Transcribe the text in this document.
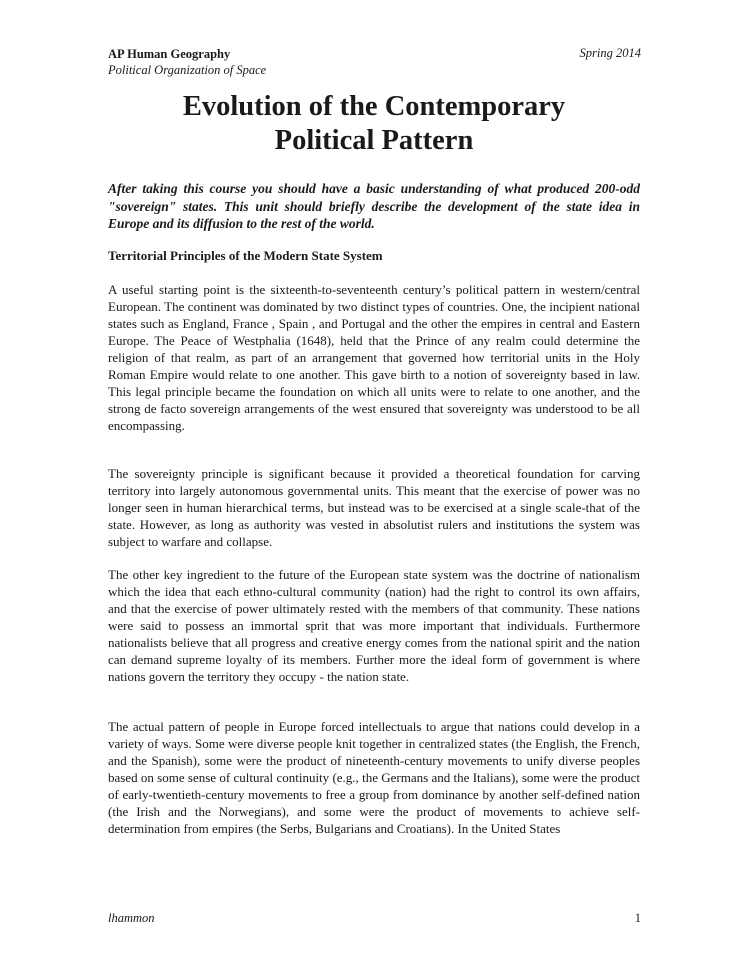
AP Human Geography
Political Organization of Space
Spring 2014
Evolution of the Contemporary
Political Pattern

After taking this course you should have a basic understanding of what produced 200-odd "sovereign" states. This unit should briefly describe the development of the state idea in Europe and its diffusion to the rest of the world.

Territorial Principles of the Modern State System

A useful starting point is the sixteenth-to-seventeenth century’s political pattern in western/central European. The continent was dominated by two distinct types of countries. One, the incipient national states such as England, France , Spain , and Portugal and the other the empires in central and Eastern Europe. The Peace of Westphalia (1648), held that the Prince of any realm could determine the religion of that realm, as part of an arrangement that governed how territorial units in the Holy Roman Empire would relate to one another. This gave birth to a notion of sovereignty based in law. This legal principle became the foundation on which all units were to relate to one another, and the strong de facto sovereign arrangements of the west ensured that sovereignty was understood to be all encompassing.

The sovereignty principle is significant because it provided a theoretical foundation for carving territory into largely autonomous governmental units. This meant that the exercise of power was no longer seen in human hierarchical terms, but instead was to be exercised at a single scale-that of the state. However, as long as authority was vested in absolutist rulers and institutions the system was subject to warfare and collapse.

The other key ingredient to the future of the European state system was the doctrine of nationalism which the idea that each ethno-cultural community (nation) had the right to control its own affairs, and that the exercise of power ultimately rested with the members of that community. These nations were said to possess an immortal sprit that was more important that individuals. Furthermore nationalists believe that all progress and creative energy comes from the national spirit and the nation can demand supreme loyalty of its members. Further more the ideal form of government is where nations govern the territory they occupy - the nation state.

The actual pattern of people in Europe forced intellectuals to argue that nations could develop in a variety of ways. Some were diverse people knit together in centralized states (the English, the French, and the Spanish), some were the product of nineteenth-century movements to unify diverse peoples based on some sense of cultural continuity (e.g., the Germans and the Italians), some were the product of early-twentieth-century movements to free a group from dominance by another self-defined nation (the Irish and the Norwegians), and some were the product of movements to achieve self-determination from empires (the Serbs, Bulgarians and Croatians). In the United States

lhammon	1
